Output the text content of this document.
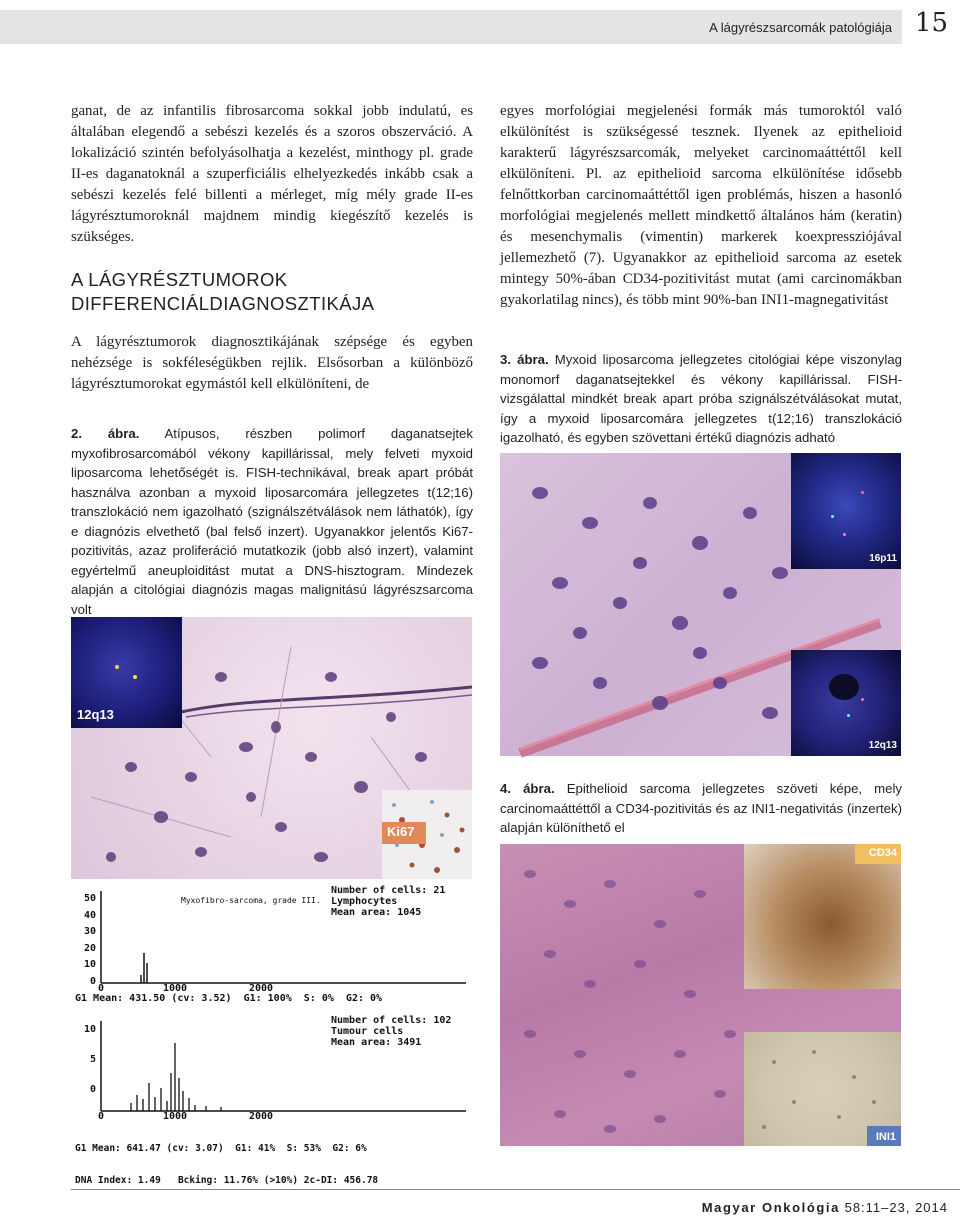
A lágyrészsarcomák patológiája 15

ganat, de az infantilis fibrosarcoma sokkal jobb indulatú, es általában elegendő a sebészi kezelés és a szoros obszerváció. A lokalizáció szintén befolyásolhatja a kezelést, minthogy pl. grade II-es daganatoknál a szuperficiális elhelyezkedés inkább csak a sebészi kezelés felé billenti a mérleget, míg mély grade II-es lágyrésztumoroknál majdnem mindig kiegészítő kezelés is szükséges.

A LÁGYRÉSZTUMOROK
DIFFERENCIÁLDIAGNOSZTIKÁJA

A lágyrésztumorok diagnosztikájának szépsége és egyben nehézsége is sokféleségükben rejlik. Elsősorban a különböző lágyrésztumorokat egymástól kell elkülöníteni, de

2. ábra. Atípusos, részben polimorf daganatsejtek myxofibrosarcomából vékony kapillárissal, mely felveti myxoid liposarcoma lehetőségét is. FISH-technikával, break apart próbát használva azonban a myxoid liposarcomára jellegzetes t(12;16) transzlokáció nem igazolható (szignálszétválások nem láthatók), így e diagnózis elvethető (bal felső inzert). Ugyanakkor jelentős Ki67-pozitivitás, azaz proliferáció mutatkozik (jobb alsó inzert), valamint egyértelmű aneuploiditást mutat a DNS-hisztogram. Mindezek alapján a citológiai diagnózis magas malignitású lágyrészsarcoma volt

12q13
Ki67
Number of cells: 21
Lymphocytes
Mean area: 1045
Myxofibro-sarcoma, grade III.
50
40
30
20
10
0
0	1000	2000
G1 Mean: 431.50 (cv: 3.52)  G1: 100%  S: 0%  G2: 0%
10
5
0
Number of cells: 102
Tumour cells
Mean area: 3491
0	1000	2000

G1 Mean: 641.47 (cv: 3.07)  G1: 41%  S: 53%  G2: 6%

DNA Index: 1.49   Bcking: 11.76% (>10%) 2c-DI: 456.78

egyes morfológiai megjelenési formák más tumoroktól való elkülönítést is szükségessé tesznek. Ilyenek az epithelioid karakterű lágyrészsarcomák, melyeket carcinomaáttéttől kell elkülöníteni. Pl. az epithelioid sarcoma elkülönítése idősebb felnőttkorban carcinomaáttéttől igen problémás, hiszen a hasonló morfológiai megjelenés mellett mindkettő általános hám (keratin) és mesenchymalis (vimentin) markerek koexpressziójával jellemezhető (7). Ugyanakkor az epithelioid sarcoma az esetek mintegy 50%-ában CD34-pozitivitást mutat (ami carcinomákban gyakorlatilag nincs), és több mint 90%-ban INI1-magnegativitást

3. ábra. Myxoid liposarcoma jellegzetes citológiai képe viszonylag monomorf daganatsejtekkel és vékony kapillárissal. FISH-vizsgálattal mindkét break apart próba szignálszétválásokat mutat, így a myxoid liposarcomára jellegzetes t(12;16) transzlokáció igazolható, és egyben szövettani értékű diagnózis adható

16p11
12q13

4. ábra. Epithelioid sarcoma jellegzetes szöveti képe, mely carcinomaáttéttől a CD34-pozitivitás és az INI1-negativitás (inzertek) alapján különíthető el

CD34
INI1
Magyar Onkológia 58:11–23, 2014
